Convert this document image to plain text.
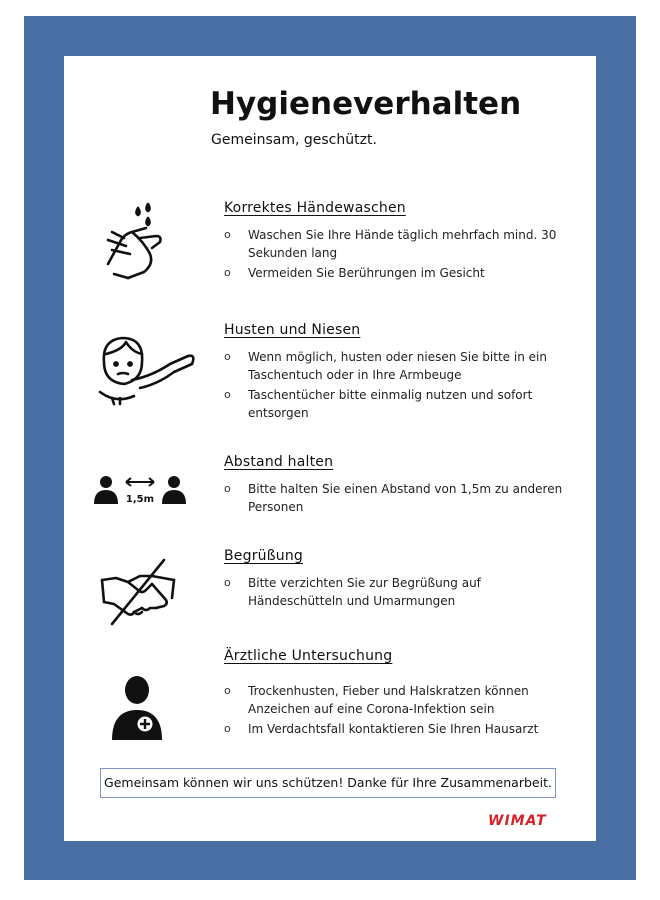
Hygieneverhalten
Gemeinsam, geschützt.
Korrektes Händewaschen
o Waschen Sie Ihre Hände täglich mehrfach mind. 30 Sekunden lang
o Vermeiden Sie Berührungen im Gesicht
Husten und Niesen
o Wenn möglich, husten oder niesen Sie bitte in ein Taschentuch oder in Ihre Armbeuge
o Taschentücher bitte einmalig nutzen und sofort entsorgen
1,5m
Abstand halten
o Bitte halten Sie einen Abstand von 1,5m zu anderen Personen
Begrüßung
o Bitte verzichten Sie zur Begrüßung auf Händeschütteln und Umarmungen
Ärztliche Untersuchung
o Trockenhusten, Fieber und Halskratzen können Anzeichen auf eine Corona-Infektion sein
o Im Verdachtsfall kontaktieren Sie Ihren Hausarzt
Gemeinsam können wir uns schützen! Danke für Ihre Zusammenarbeit.
WIMAT
